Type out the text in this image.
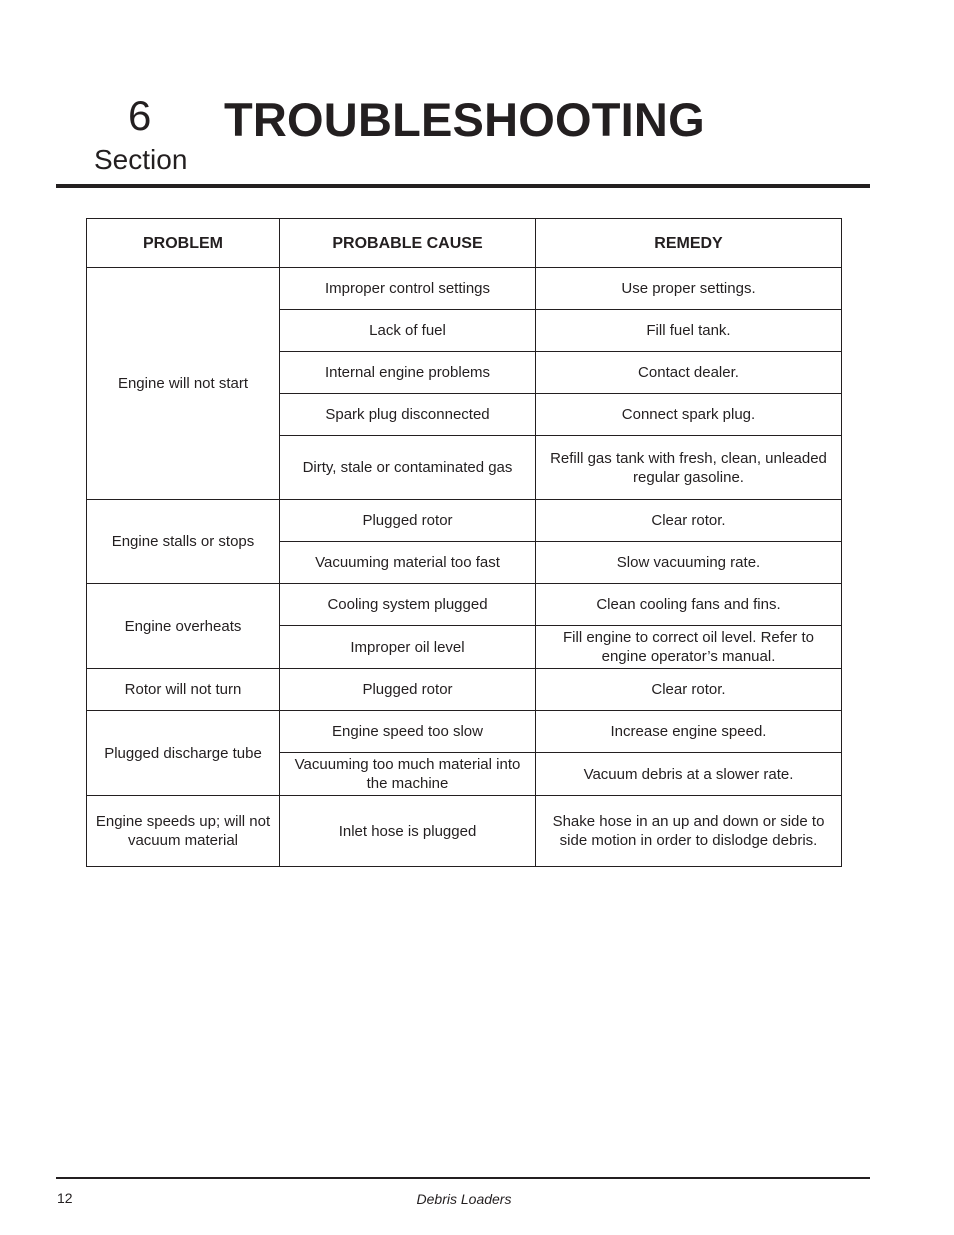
6
Section
TROUBLESHOOTING
PROBLEM	PROBABLE CAUSE	REMEDY
Engine will not start	Improper control settings	Use proper settings.
	Lack of fuel	Fill fuel tank.
	Internal engine problems	Contact dealer.
	Spark plug disconnected	Connect spark plug.
	Dirty, stale or contaminated gas	Refill gas tank with fresh, clean, unleaded regular gasoline.
Engine stalls or stops	Plugged rotor	Clear rotor.
	Vacuuming material too fast	Slow vacuuming rate.
Engine overheats	Cooling system plugged	Clean cooling fans and fins.
	Improper oil level	Fill engine to correct oil level. Refer to engine operator’s manual.
Rotor will not turn	Plugged rotor	Clear rotor.
Plugged discharge tube	Engine speed too slow	Increase engine speed.
	Vacuuming too much material into the machine	Vacuum debris at a slower rate.
Engine speeds up; will not vacuum material	Inlet hose is plugged	Shake hose in an up and down or side to side motion in order to dislodge debris.
12	Debris Loaders
